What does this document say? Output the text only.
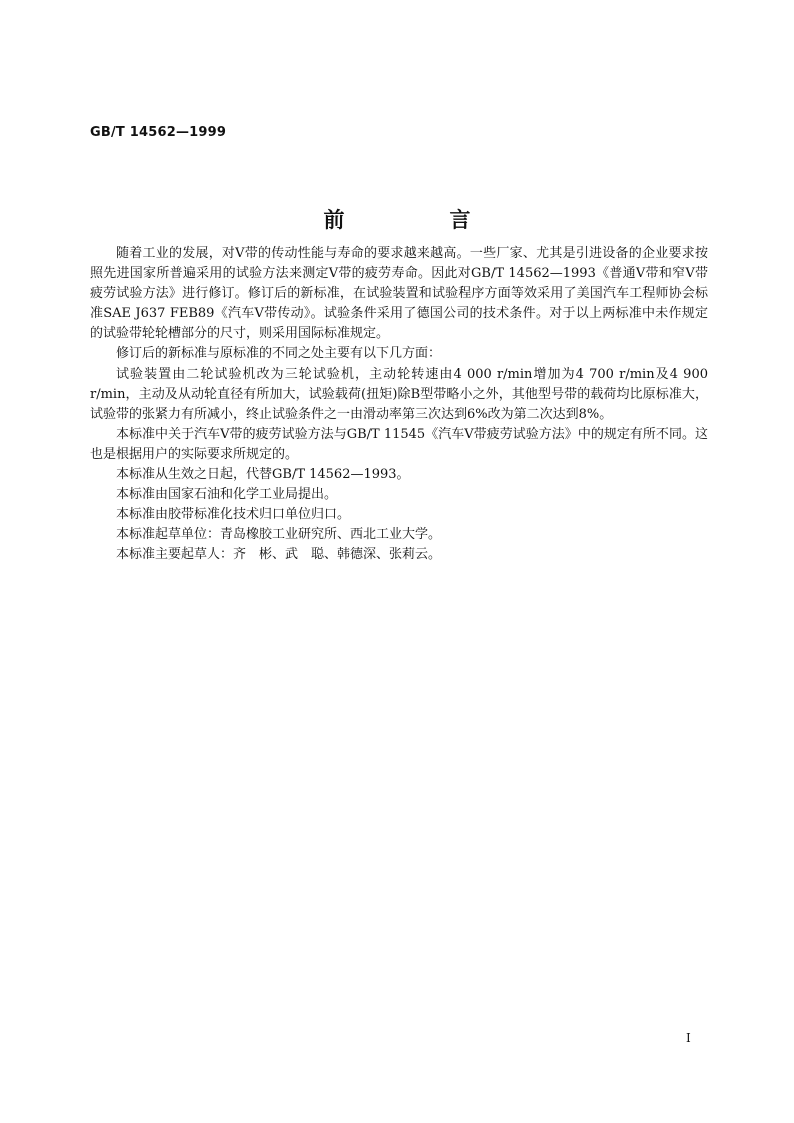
GB/T 14562—1999
前　言

随着工业的发展，对V带的传动性能与寿命的要求越来越高。一些厂家、尤其是引进设备的企业要求按照先进国家所普遍采用的试验方法来测定V带的疲劳寿命。因此对GB/T 14562—1993《普通V带和窄V带疲劳试验方法》进行修订。修订后的新标准，在试验装置和试验程序方面等效采用了美国汽车工程师协会标准SAE J637 FEB89《汽车V带传动》。试验条件采用了德国公司的技术条件。对于以上两标准中未作规定的试验带轮轮槽部分的尺寸，则采用国际标准规定。

修订后的新标准与原标准的不同之处主要有以下几方面：

试验装置由二轮试验机改为三轮试验机，主动轮转速由4 000 r/min增加为4 700 r/min及4 900 r/min，主动及从动轮直径有所加大，试验载荷(扭矩)除B型带略小之外，其他型号带的载荷均比原标准大，试验带的张紧力有所减小，终止试验条件之一由滑动率第三次达到6%改为第二次达到8%。

本标准中关于汽车V带的疲劳试验方法与GB/T 11545《汽车V带疲劳试验方法》中的规定有所不同。这也是根据用户的实际要求所规定的。

本标准从生效之日起，代替GB/T 14562—1993。

本标准由国家石油和化学工业局提出。

本标准由胶带标准化技术归口单位归口。

本标准起草单位：青岛橡胶工业研究所、西北工业大学。

本标准主要起草人：齐　彬、武　聪、韩德深、张莉云。

I
